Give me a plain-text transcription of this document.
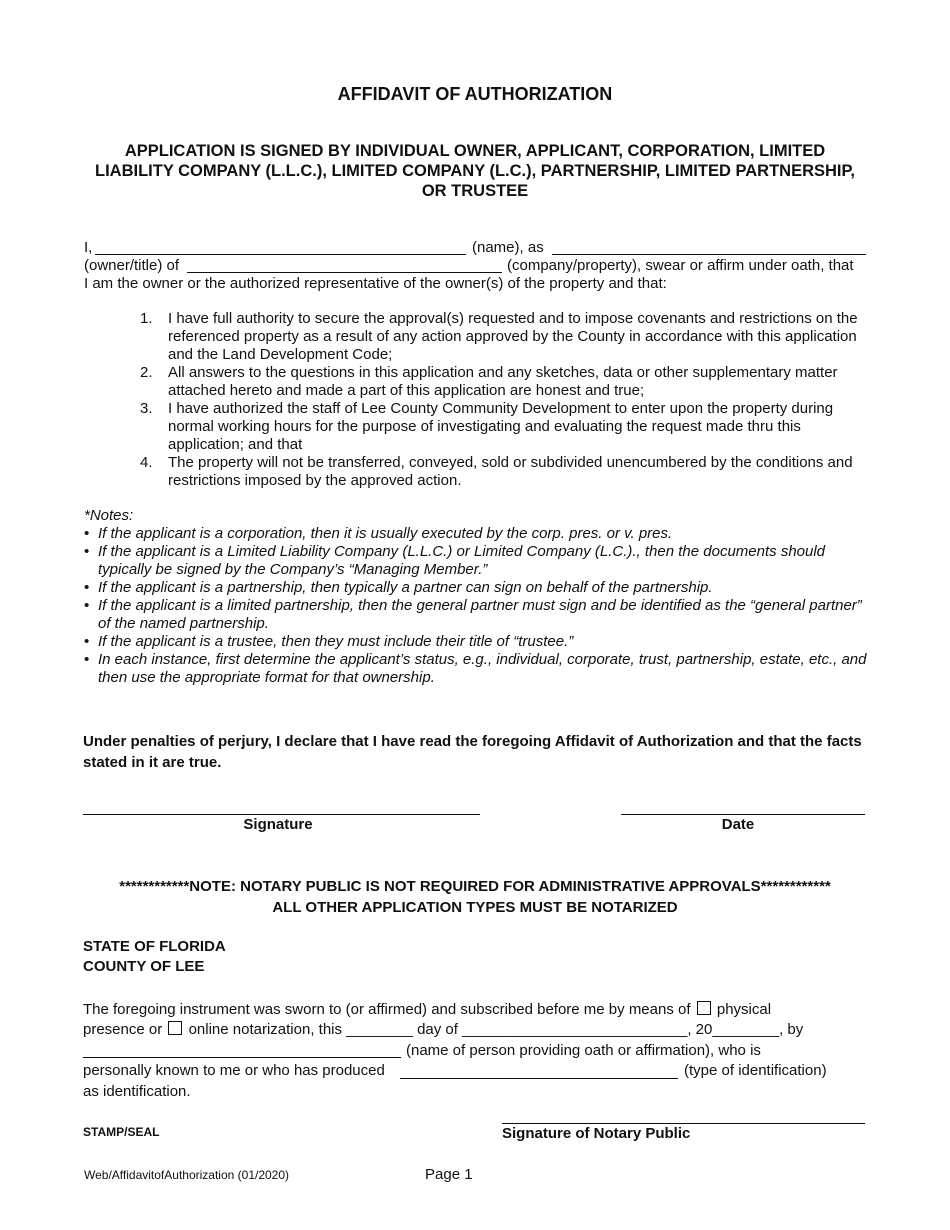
AFFIDAVIT OF AUTHORIZATION
APPLICATION IS SIGNED BY INDIVIDUAL OWNER, APPLICANT, CORPORATION, LIMITED LIABILITY COMPANY (L.L.C.), LIMITED COMPANY (L.C.), PARTNERSHIP, LIMITED PARTNERSHIP, OR TRUSTEE
I,	(name), as
(owner/title) of	(company/property), swear or affirm under oath, that
I am the owner or the authorized representative of the owner(s) of the property and that:
1.	I have full authority to secure the approval(s) requested and to impose covenants and restrictions on the referenced property as a result of any action approved by the County in accordance with this application and the Land Development Code;
2.	All answers to the questions in this application and any sketches, data or other supplementary matter attached hereto and made a part of this application are honest and true;
3.	I have authorized the staff of Lee County Community Development to enter upon the property during normal working hours for the purpose of investigating and evaluating the request made thru this application; and that
4.	The property will not be transferred, conveyed, sold or subdivided unencumbered by the conditions and restrictions imposed by the approved action.
*Notes:
• If the applicant is a corporation, then it is usually executed by the corp. pres. or v. pres.
• If the applicant is a Limited Liability Company (L.L.C.) or Limited Company (L.C.)., then the documents should typically be signed by the Company’s “Managing Member.”
• If the applicant is a partnership, then typically a partner can sign on behalf of the partnership.
• If the applicant is a limited partnership, then the general partner must sign and be identified as the “general partner” of the named partnership.
• If the applicant is a trustee, then they must include their title of “trustee.”
• In each instance, first determine the applicant’s status, e.g., individual, corporate, trust, partnership, estate, etc., and then use the appropriate format for that ownership.
Under penalties of perjury, I declare that I have read the foregoing Affidavit of Authorization and that the facts stated in it are true.
Signature	Date
************NOTE: NOTARY PUBLIC IS NOT REQUIRED FOR ADMINISTRATIVE APPROVALS************
ALL OTHER APPLICATION TYPES MUST BE NOTARIZED
STATE OF FLORIDA
COUNTY OF LEE
The foregoing instrument was sworn to (or affirmed) and subscribed before me by means of physical
presence or online notarization, this ________ day of ___________________________, 20________, by
(name of person providing oath or affirmation), who is
personally known to me or who has produced	(type of identification)
as identification.
STAMP/SEAL	Signature of Notary Public
Web/AffidavitofAuthorization (01/2020)	Page 1
